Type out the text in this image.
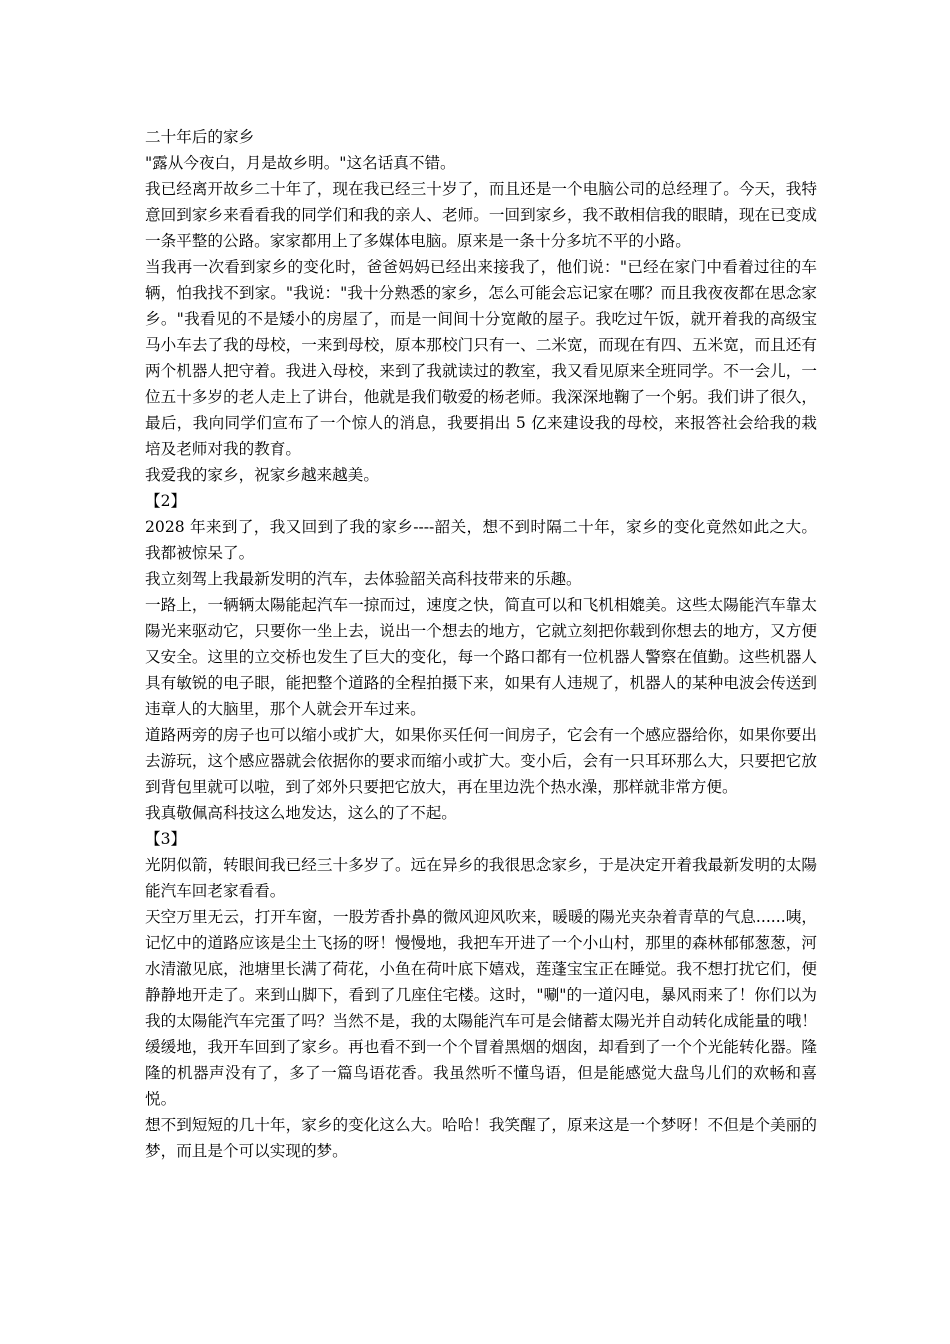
二十年后的家乡

"露从今夜白，月是故乡明。"这名话真不错。

我已经离开故乡二十年了，现在我已经三十岁了，而且还是一个电脑公司的总经理了。今天，我特意回到家乡来看看我的同学们和我的亲人、老师。一回到家乡，我不敢相信我的眼睛，现在已变成一条平整的公路。家家都用上了多媒体电脑。原来是一条十分多坑不平的小路。

当我再一次看到家乡的变化时，爸爸妈妈已经出来接我了，他们说："已经在家门中看着过往的车辆，怕我找不到家。"我说："我十分熟悉的家乡，怎么可能会忘记家在哪？而且我夜夜都在思念家乡。"我看见的不是矮小的房屋了，而是一间间十分宽敞的屋子。我吃过午饭，就开着我的高级宝马小车去了我的母校，一来到母校，原本那校门只有一、二米宽，而现在有四、五米宽，而且还有两个机器人把守着。我进入母校，来到了我就读过的教室，我又看见原来全班同学。不一会儿，一位五十多岁的老人走上了讲台，他就是我们敬爱的杨老师。我深深地鞠了一个躬。我们讲了很久，最后，我向同学们宣布了一个惊人的消息，我要捐出 5 亿来建设我的母校，来报答社会给我的栽培及老师对我的教育。

我爱我的家乡，祝家乡越来越美。

【2】

2028 年来到了，我又回到了我的家乡----韶关，想不到时隔二十年，家乡的变化竟然如此之大。我都被惊呆了。

我立刻驾上我最新发明的汽车，去体验韶关高科技带来的乐趣。

一路上，一辆辆太陽能起汽车一掠而过，速度之快，简直可以和飞机相媲美。这些太陽能汽车靠太陽光来驱动它，只要你一坐上去，说出一个想去的地方，它就立刻把你载到你想去的地方，又方便又安全。这里的立交桥也发生了巨大的变化，每一个路口都有一位机器人警察在值勤。这些机器人具有敏锐的电子眼，能把整个道路的全程拍摄下来，如果有人违规了，机器人的某种电波会传送到违章人的大脑里，那个人就会开车过来。

道路两旁的房子也可以缩小或扩大，如果你买任何一间房子，它会有一个感应器给你，如果你要出去游玩，这个感应器就会依据你的要求而缩小或扩大。变小后，会有一只耳环那么大，只要把它放到背包里就可以啦，到了郊外只要把它放大，再在里边洗个热水澡，那样就非常方便。

我真敬佩高科技这么地发达，这么的了不起。

【3】

光阴似箭，转眼间我已经三十多岁了。远在异乡的我很思念家乡，于是决定开着我最新发明的太陽能汽车回老家看看。

天空万里无云，打开车窗，一股芳香扑鼻的微风迎风吹来，暖暖的陽光夹杂着青草的气息......咦，记忆中的道路应该是尘土飞扬的呀！慢慢地，我把车开进了一个小山村，那里的森林郁郁葱葱，河水清澈见底，池塘里长满了荷花，小鱼在荷叶底下嬉戏，莲蓬宝宝正在睡觉。我不想打扰它们，便静静地开走了。来到山脚下，看到了几座住宅楼。这时，"唰"的一道闪电，暴风雨来了！你们以为我的太陽能汽车完蛋了吗？当然不是，我的太陽能汽车可是会储蓄太陽光并自动转化成能量的哦！缓缓地，我开车回到了家乡。再也看不到一个个冒着黑烟的烟囱，却看到了一个个光能转化器。隆隆的机器声没有了，多了一篇鸟语花香。我虽然听不懂鸟语，但是能感觉大盘鸟儿们的欢畅和喜悦。

想不到短短的几十年，家乡的变化这么大。哈哈！我笑醒了，原来这是一个梦呀！不但是个美丽的梦，而且是个可以实现的梦。
